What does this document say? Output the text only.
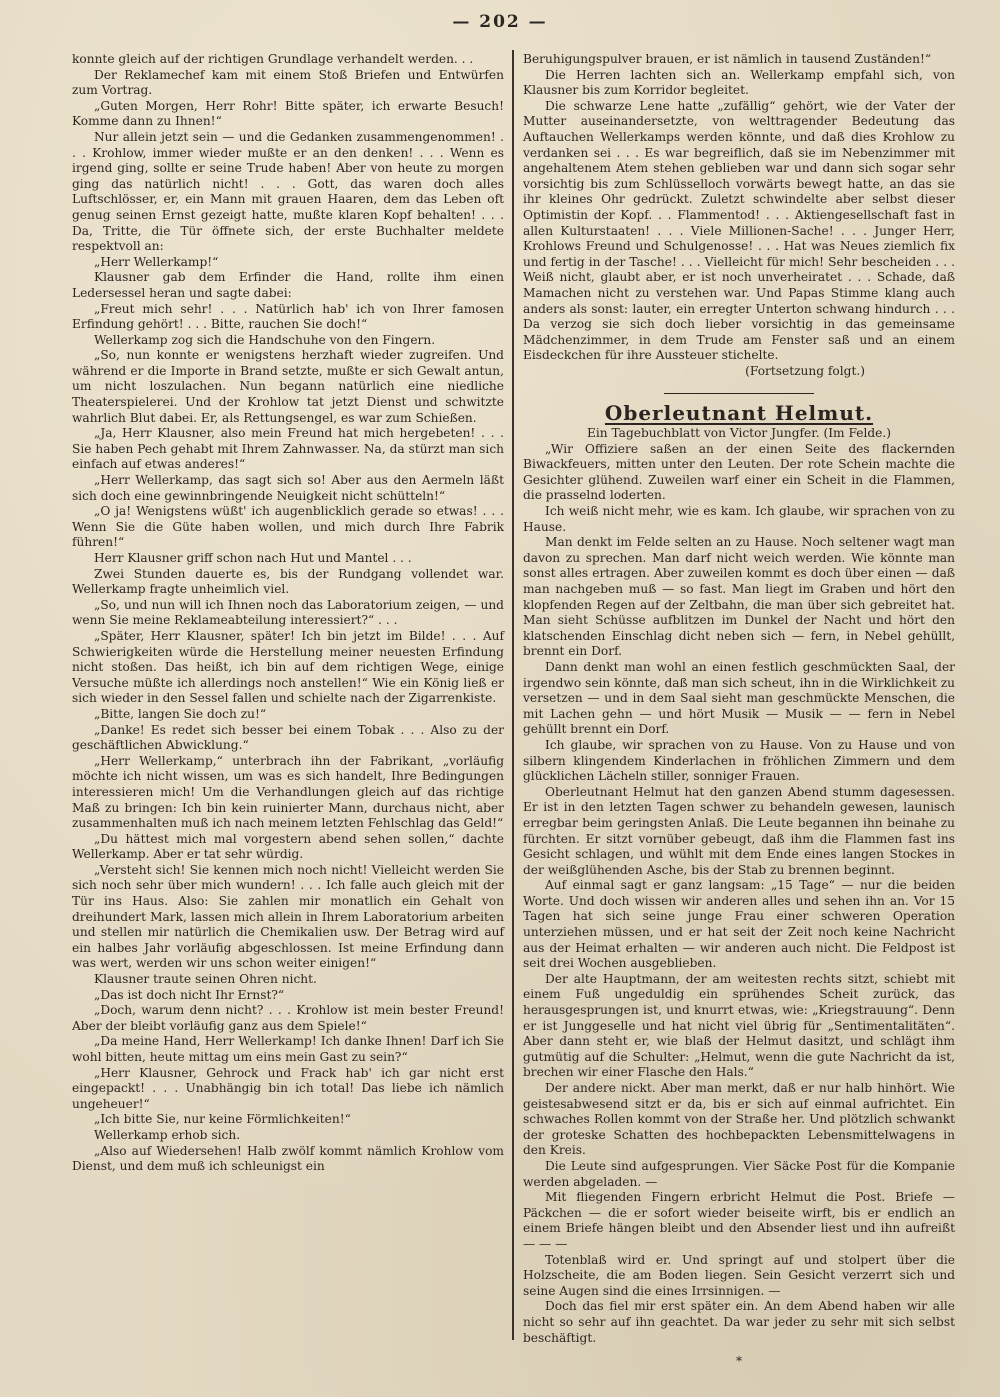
— 202 —

konnte gleich auf der richtigen Grundlage verhandelt werden. . .

Der Reklamechef kam mit einem Stoß Briefen und Entwürfen zum Vortrag.

„Guten Morgen, Herr Rohr! Bitte später, ich erwarte Besuch! Komme dann zu Ihnen!“

Nur allein jetzt sein — und die Gedanken zusammengenommen! . . . Krohlow, immer wieder mußte er an den denken! . . . Wenn es irgend ging, sollte er seine Trude haben! Aber von heute zu morgen ging das natürlich nicht! . . . Gott, das waren doch alles Luftschlösser, er, ein Mann mit grauen Haaren, dem das Leben oft genug seinen Ernst gezeigt hatte, mußte klaren Kopf behalten! . . . Da, Tritte, die Tür öffnete sich, der erste Buchhalter meldete respektvoll an:

„Herr Wellerkamp!“

Klausner gab dem Erfinder die Hand, rollte ihm einen Ledersessel heran und sagte dabei:

„Freut mich sehr! . . . Natürlich hab' ich von Ihrer famosen Erfindung gehört! . . . Bitte, rauchen Sie doch!“

Wellerkamp zog sich die Handschuhe von den Fingern.

„So, nun konnte er wenigstens herzhaft wieder zugreifen. Und während er die Importe in Brand setzte, mußte er sich Gewalt antun, um nicht loszulachen. Nun begann natürlich eine niedliche Theaterspielerei. Und der Krohlow tat jetzt Dienst und schwitzte wahrlich Blut dabei. Er, als Rettungsengel, es war zum Schießen.

„Ja, Herr Klausner, also mein Freund hat mich hergebeten! . . . Sie haben Pech gehabt mit Ihrem Zahnwasser. Na, da stürzt man sich einfach auf etwas anderes!“

„Herr Wellerkamp, das sagt sich so! Aber aus den Aermeln läßt sich doch eine gewinnbringende Neuigkeit nicht schütteln!“

„O ja! Wenigstens wüßt' ich augenblicklich gerade so etwas! . . . Wenn Sie die Güte haben wollen, und mich durch Ihre Fabrik führen!“

Herr Klausner griff schon nach Hut und Mantel . . .

Zwei Stunden dauerte es, bis der Rundgang vollendet war. Wellerkamp fragte unheimlich viel.

„So, und nun will ich Ihnen noch das Laboratorium zeigen, — und wenn Sie meine Reklameabteilung interessiert?“ . . .

„Später, Herr Klausner, später! Ich bin jetzt im Bilde! . . . Auf Schwierigkeiten würde die Herstellung meiner neuesten Erfindung nicht stoßen. Das heißt, ich bin auf dem richtigen Wege, einige Versuche müßte ich allerdings noch anstellen!“ Wie ein König ließ er sich wieder in den Sessel fallen und schielte nach der Zigarrenkiste.

„Bitte, langen Sie doch zu!“

„Danke! Es redet sich besser bei einem Tobak . . . Also zu der geschäftlichen Abwicklung.“

„Herr Wellerkamp,“ unterbrach ihn der Fabrikant, „vorläufig möchte ich nicht wissen, um was es sich handelt, Ihre Bedingungen interessieren mich! Um die Verhandlungen gleich auf das richtige Maß zu bringen: Ich bin kein ruinierter Mann, durchaus nicht, aber zusammenhalten muß ich nach meinem letzten Fehlschlag das Geld!“

„Du hättest mich mal vorgestern abend sehen sollen,“ dachte Wellerkamp. Aber er tat sehr würdig.

„Versteht sich! Sie kennen mich noch nicht! Vielleicht werden Sie sich noch sehr über mich wundern! . . . Ich falle auch gleich mit der Tür ins Haus. Also: Sie zahlen mir monatlich ein Gehalt von dreihundert Mark, lassen mich allein in Ihrem Laboratorium arbeiten und stellen mir natürlich die Chemikalien usw. Der Betrag wird auf ein halbes Jahr vorläufig abgeschlossen. Ist meine Erfindung dann was wert, werden wir uns schon weiter einigen!“

Klausner traute seinen Ohren nicht.

„Das ist doch nicht Ihr Ernst?“

„Doch, warum denn nicht? . . . Krohlow ist mein bester Freund! Aber der bleibt vorläufig ganz aus dem Spiele!“

„Da meine Hand, Herr Wellerkamp! Ich danke Ihnen! Darf ich Sie wohl bitten, heute mittag um eins mein Gast zu sein?“

„Herr Klausner, Gehrock und Frack hab' ich gar nicht erst eingepackt! . . . Unabhängig bin ich total! Das liebe ich nämlich ungeheuer!“

„Ich bitte Sie, nur keine Förmlichkeiten!“

Wellerkamp erhob sich.

„Also auf Wiedersehen! Halb zwölf kommt nämlich Krohlow vom Dienst, und dem muß ich schleunigst ein

Beruhigungspulver brauen, er ist nämlich in tausend Zuständen!“

Die Herren lachten sich an. Wellerkamp empfahl sich, von Klausner bis zum Korridor begleitet.

Die schwarze Lene hatte „zufällig“ gehört, wie der Vater der Mutter auseinandersetzte, von welttragender Bedeutung das Auftauchen Wellerkamps werden könnte, und daß dies Krohlow zu verdanken sei . . . Es war begreiflich, daß sie im Nebenzimmer mit angehaltenem Atem stehen geblieben war und dann sich sogar sehr vorsichtig bis zum Schlüsselloch vorwärts bewegt hatte, an das sie ihr kleines Ohr gedrückt. Zuletzt schwindelte aber selbst dieser Optimistin der Kopf. . . Flammentod! . . . Aktiengesellschaft fast in allen Kulturstaaten! . . . Viele Millionen-Sache! . . . Junger Herr, Krohlows Freund und Schulgenosse! . . . Hat was Neues ziemlich fix und fertig in der Tasche! . . . Vielleicht für mich! Sehr bescheiden . . . Weiß nicht, glaubt aber, er ist noch unverheiratet . . . Schade, daß Mamachen nicht zu verstehen war. Und Papas Stimme klang auch anders als sonst: lauter, ein erregter Unterton schwang hindurch . . . Da verzog sie sich doch lieber vorsichtig in das gemeinsame Mädchenzimmer, in dem Trude am Fenster saß und an einem Eisdeckchen für ihre Aussteuer stichelte.

(Fortsetzung folgt.)

Oberleutnant Helmut.

Ein Tagebuchblatt von Victor Jungfer. (Im Felde.)

„Wir Offiziere saßen an der einen Seite des flackernden Biwackfeuers, mitten unter den Leuten. Der rote Schein machte die Gesichter glühend. Zuweilen warf einer ein Scheit in die Flammen, die prasselnd loderten.

Ich weiß nicht mehr, wie es kam. Ich glaube, wir sprachen von zu Hause.

Man denkt im Felde selten an zu Hause. Noch seltener wagt man davon zu sprechen. Man darf nicht weich werden. Wie könnte man sonst alles ertragen. Aber zuweilen kommt es doch über einen — daß man nachgeben muß — so fast. Man liegt im Graben und hört den klopfenden Regen auf der Zeltbahn, die man über sich gebreitet hat. Man sieht Schüsse aufblitzen im Dunkel der Nacht und hört den klatschenden Einschlag dicht neben sich — fern, in Nebel gehüllt, brennt ein Dorf.

Dann denkt man wohl an einen festlich geschmückten Saal, der irgendwo sein könnte, daß man sich scheut, ihn in die Wirklichkeit zu versetzen — und in dem Saal sieht man geschmückte Menschen, die mit Lachen gehn — und hört Musik — Musik — — fern in Nebel gehüllt brennt ein Dorf.

Ich glaube, wir sprachen von zu Hause. Von zu Hause und von silbern klingendem Kinderlachen in fröhlichen Zimmern und dem glücklichen Lächeln stiller, sonniger Frauen.

Oberleutnant Helmut hat den ganzen Abend stumm dagesessen. Er ist in den letzten Tagen schwer zu behandeln gewesen, launisch erregbar beim geringsten Anlaß. Die Leute begannen ihn beinahe zu fürchten. Er sitzt vornüber gebeugt, daß ihm die Flammen fast ins Gesicht schlagen, und wühlt mit dem Ende eines langen Stockes in der weißglühenden Asche, bis der Stab zu brennen beginnt.

Auf einmal sagt er ganz langsam: „15 Tage“ — nur die beiden Worte. Und doch wissen wir anderen alles und sehen ihn an. Vor 15 Tagen hat sich seine junge Frau einer schweren Operation unterziehen müssen, und er hat seit der Zeit noch keine Nachricht aus der Heimat erhalten — wir anderen auch nicht. Die Feldpost ist seit drei Wochen ausgeblieben.

Der alte Hauptmann, der am weitesten rechts sitzt, schiebt mit einem Fuß ungeduldig ein sprühendes Scheit zurück, das herausgesprungen ist, und knurrt etwas, wie: „Kriegstrauung“. Denn er ist Junggeselle und hat nicht viel übrig für „Sentimentalitäten“. Aber dann steht er, wie blaß der Helmut dasitzt, und schlägt ihm gutmütig auf die Schulter: „Helmut, wenn die gute Nachricht da ist, brechen wir einer Flasche den Hals.“

Der andere nickt. Aber man merkt, daß er nur halb hinhört. Wie geistesabwesend sitzt er da, bis er sich auf einmal aufrichtet. Ein schwaches Rollen kommt von der Straße her. Und plötzlich schwankt der groteske Schatten des hochbepackten Lebensmittelwagens in den Kreis.

Die Leute sind aufgesprungen. Vier Säcke Post für die Kompanie werden abgeladen. —

Mit fliegenden Fingern erbricht Helmut die Post. Briefe — Päckchen — die er sofort wieder beiseite wirft, bis er endlich an einem Briefe hängen bleibt und den Absender liest und ihn aufreißt — — —

Totenblaß wird er. Und springt auf und stolpert über die Holzscheite, die am Boden liegen. Sein Gesicht verzerrt sich und seine Augen sind die eines Irrsinnigen. —

Doch das fiel mir erst später ein. An dem Abend haben wir alle nicht so sehr auf ihn geachtet. Da war jeder zu sehr mit sich selbst beschäftigt.

*
